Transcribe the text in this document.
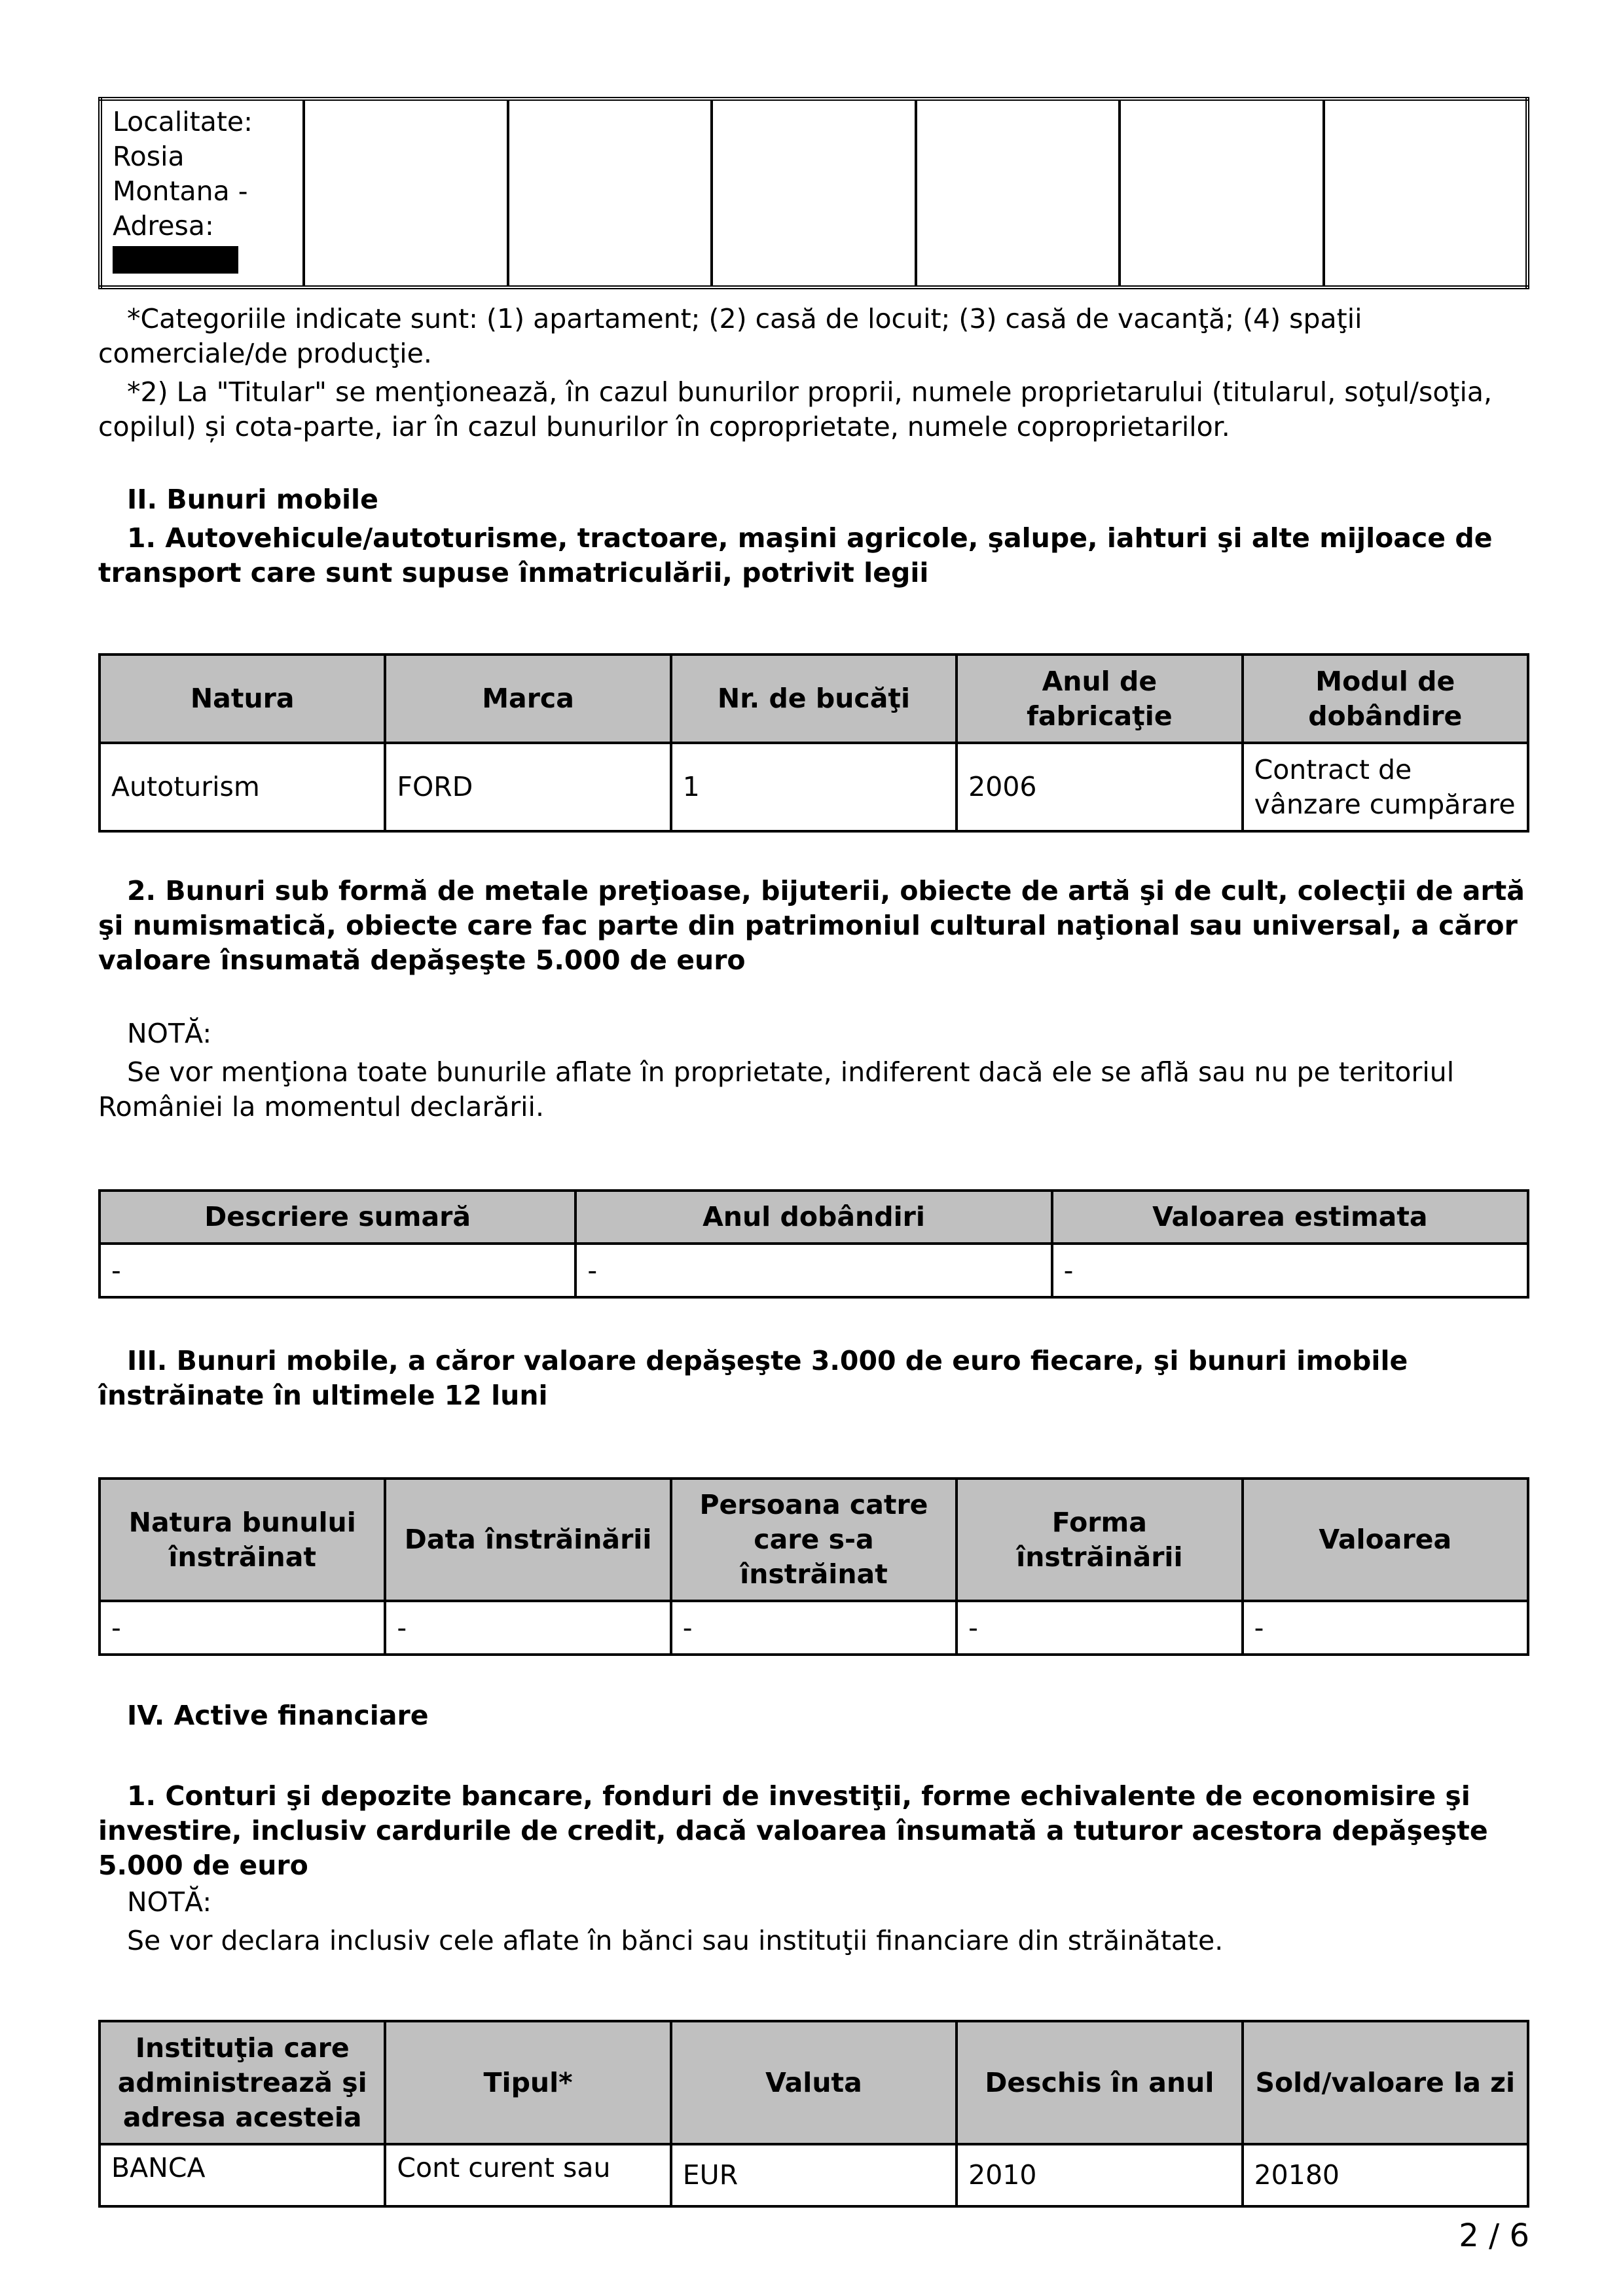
Localitate:
Rosia
Montana -
Adresa:

*Categoriile indicate sunt: (1) apartament; (2) casă de locuit; (3) casă de vacanţă; (4) spaţii comerciale/de producţie.

*2) La "Titular" se menţionează, în cazul bunurilor proprii, numele proprietarului (titularul, soţul/soţia, copilul) și cota-parte, iar în cazul bunurilor în coproprietate, numele coproprietarilor.

II. Bunuri mobile

1. Autovehicule/autoturisme, tractoare, maşini agricole, şalupe, iahturi şi alte mijloace de transport care sunt supuse înmatriculării, potrivit legii

Natura	Marca	Nr. de bucăţi	Anul de fabricaţie	Modul de dobândire
Autoturism	FORD	1	2006	Contract de vânzare cumpărare

2. Bunuri sub formă de metale preţioase, bijuterii, obiecte de artă şi de cult, colecţii de artă şi numismatică, obiecte care fac parte din patrimoniul cultural naţional sau universal, a căror valoare însumată depăşeşte 5.000 de euro

NOTĂ:

Se vor menţiona toate bunurile aflate în proprietate, indiferent dacă ele se află sau nu pe teritoriul României la momentul declarării.

Descriere sumară	Anul dobândiri	Valoarea estimata
-	-	-

III. Bunuri mobile, a căror valoare depăşeşte 3.000 de euro fiecare, şi bunuri imobile înstrăinate în ultimele 12 luni

Natura bunului înstrăinat	Data înstrăinării	Persoana catre care s-a înstrăinat	Forma înstrăinării	Valoarea
-	-	-	-	-

IV. Active financiare

1. Conturi şi depozite bancare, fonduri de investiţii, forme echivalente de economisire şi investire, inclusiv cardurile de credit, dacă valoarea însumată a tuturor acestora depăşeşte 5.000 de euro

NOTĂ:

Se vor declara inclusiv cele aflate în bănci sau instituţii financiare din străinătate.

Instituţia care administrează şi adresa acesteia	Tipul*	Valuta	Deschis în anul	Sold/valoare la zi
BANCA	Cont curent sau	EUR	2010	20180
2 / 6
